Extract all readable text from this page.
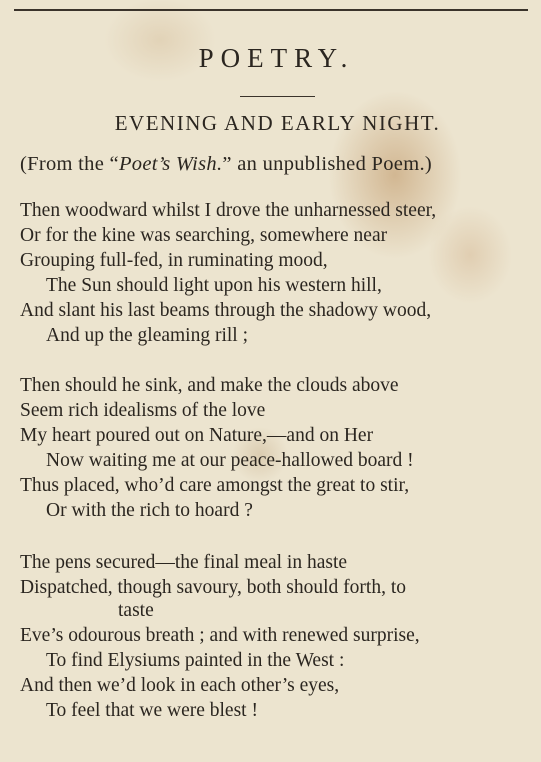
POETRY.
EVENING AND EARLY NIGHT.
(From the “Poet’s Wish.” an unpublished Poem.)
Then woodward whilst I drove the unharnessed steer,
Or for the kine was searching, somewhere near
Grouping full-fed, in ruminating mood,
The Sun should light upon his western hill,
And slant his last beams through the shadowy wood,
And up the gleaming rill ;
Then should he sink, and make the clouds above
Seem rich idealisms of the love
My heart poured out on Nature,—and on Her
Now waiting me at our peace-hallowed board !
Thus placed, who’d care amongst the great to stir,
Or with the rich to hoard ?
The pens secured—the final meal in haste
Dispatched, though savoury, both should forth, to
taste
Eve’s odourous breath ; and with renewed surprise,
To find Elysiums painted in the West :
And then we’d look in each other’s eyes,
To feel that we were blest !
